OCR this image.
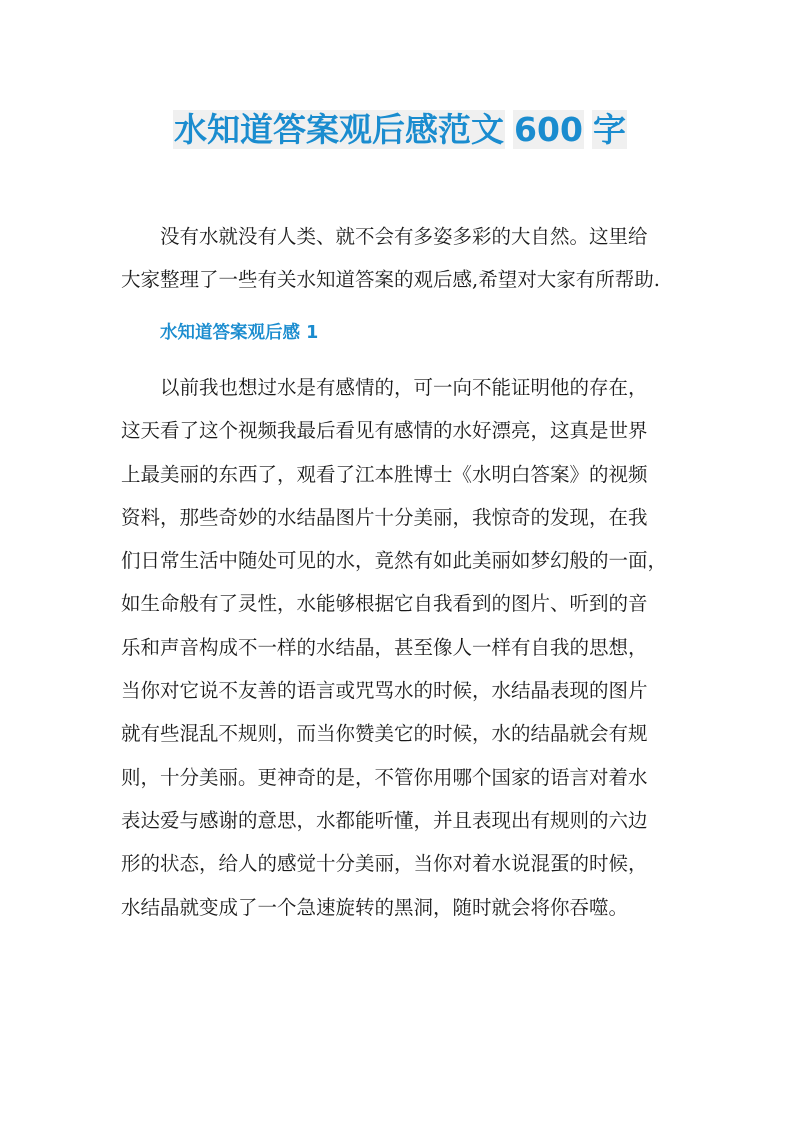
水知道答案观后感范文 600 字

没有水就没有人类、就不会有多姿多彩的大自然。这里给
大家整理了一些有关水知道答案的观后感,希望对大家有所帮助.

水知道答案观后感 1

以前我也想过水是有感情的，可一向不能证明他的存在，
这天看了这个视频我最后看见有感情的水好漂亮，这真是世界
上最美丽的东西了，观看了江本胜博士《水明白答案》的视频
资料，那些奇妙的水结晶图片十分美丽，我惊奇的发现，在我
们日常生活中随处可见的水，竟然有如此美丽如梦幻般的一面，
如生命般有了灵性，水能够根据它自我看到的图片、听到的音
乐和声音构成不一样的水结晶，甚至像人一样有自我的思想，
当你对它说不友善的语言或咒骂水的时候，水结晶表现的图片
就有些混乱不规则，而当你赞美它的时候，水的结晶就会有规
则，十分美丽。更神奇的是，不管你用哪个国家的语言对着水
表达爱与感谢的意思，水都能听懂，并且表现出有规则的六边
形的状态，给人的感觉十分美丽，当你对着水说混蛋的时候，
水结晶就变成了一个急速旋转的黑洞，随时就会将你吞噬。
